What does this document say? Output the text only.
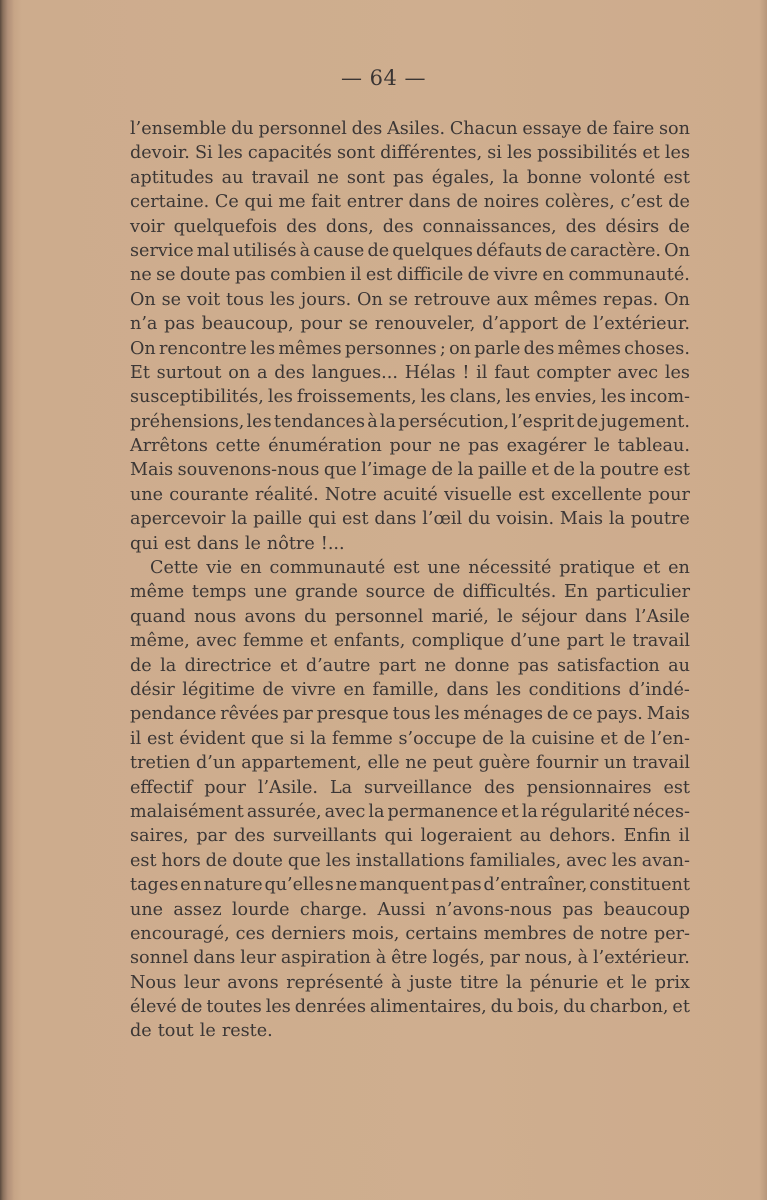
— 64 —
l’ensemble du personnel des Asiles. Chacun essaye de faire son
devoir. Si les capacités sont différentes, si les possibilités et les
aptitudes au travail ne sont pas égales, la bonne volonté est
certaine. Ce qui me fait entrer dans de noires colères, c’est de
voir quelquefois des dons, des connaissances, des désirs de
service mal utilisés à cause de quelques défauts de caractère. On
ne se doute pas combien il est difficile de vivre en communauté.
On se voit tous les jours. On se retrouve aux mêmes repas. On
n’a pas beaucoup, pour se renouveler, d’apport de l’extérieur.
On rencontre les mêmes personnes ; on parle des mêmes choses.
Et surtout on a des langues... Hélas ! il faut compter avec les
susceptibilités, les froissements, les clans, les envies, les incom-
préhensions, les tendances à la persécution, l’esprit de jugement.
Arrêtons cette énumération pour ne pas exagérer le tableau.
Mais souvenons-nous que l’image de la paille et de la poutre est
une courante réalité. Notre acuité visuelle est excellente pour
apercevoir la paille qui est dans l’œil du voisin. Mais la poutre
qui est dans le nôtre !...
Cette vie en communauté est une nécessité pratique et en
même temps une grande source de difficultés. En particulier
quand nous avons du personnel marié, le séjour dans l’Asile
même, avec femme et enfants, complique d’une part le travail
de la directrice et d’autre part ne donne pas satisfaction au
désir légitime de vivre en famille, dans les conditions d’indé-
pendance rêvées par presque tous les ménages de ce pays. Mais
il est évident que si la femme s’occupe de la cuisine et de l’en-
tretien d’un appartement, elle ne peut guère fournir un travail
effectif pour l’Asile. La surveillance des pensionnaires est
malaisément assurée, avec la permanence et la régularité néces-
saires, par des surveillants qui logeraient au dehors. Enfin il
est hors de doute que les installations familiales, avec les avan-
tages en nature qu’elles ne manquent pas d’entraîner, constituent
une assez lourde charge. Aussi n’avons-nous pas beaucoup
encouragé, ces derniers mois, certains membres de notre per-
sonnel dans leur aspiration à être logés, par nous, à l’extérieur.
Nous leur avons représenté à juste titre la pénurie et le prix
élevé de toutes les denrées alimentaires, du bois, du charbon, et
de tout le reste.
